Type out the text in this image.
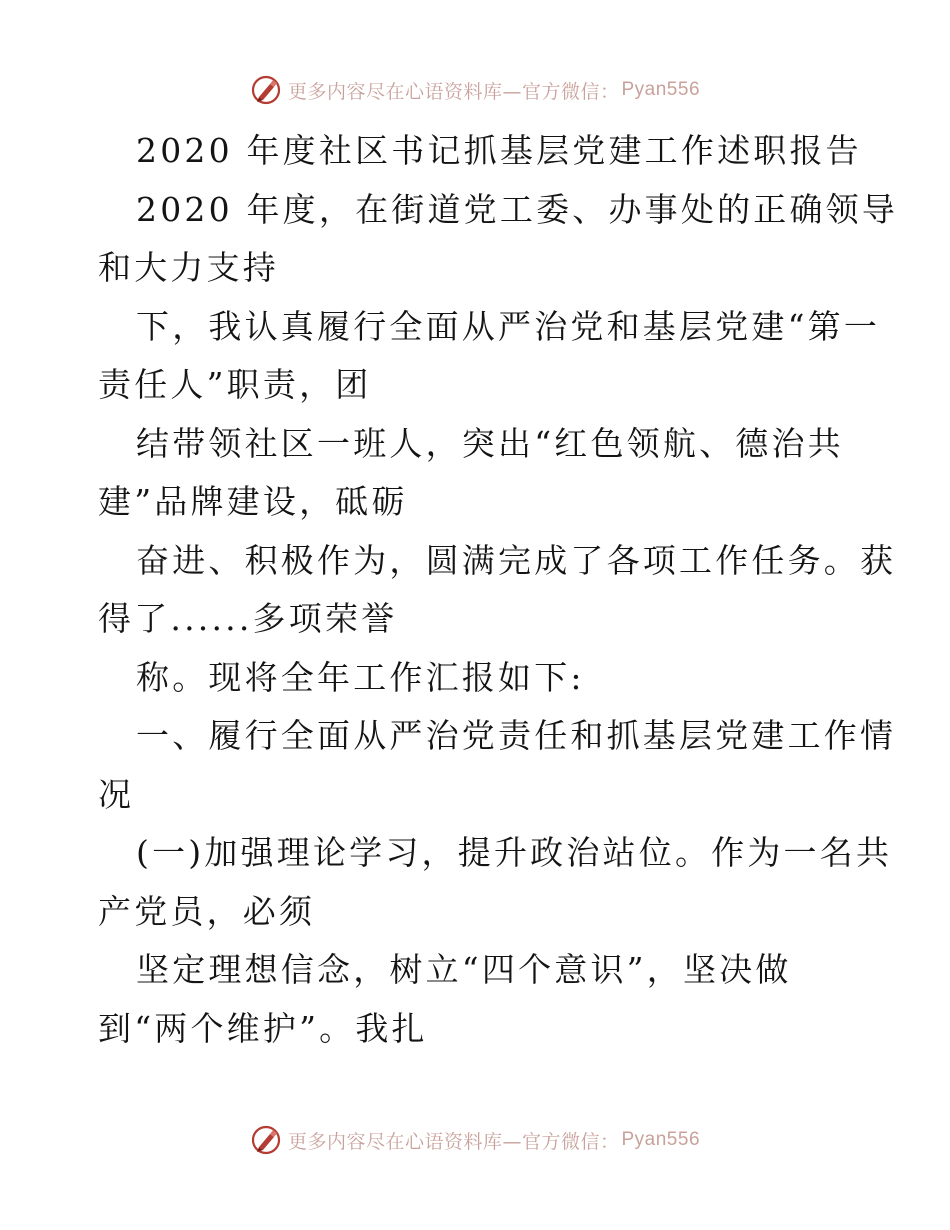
更多内容尽在心语资料库—官方微信： Pyan556
2020 年度社区书记抓基层党建工作述职报告
2020 年度，在街道党工委、办事处的正确领导
和大力支持
下，我认真履行全面从严治党和基层党建“第一
责任人”职责，团
结带领社区一班人，突出“红色领航、德治共
建”品牌建设，砥砺
奋进、积极作为，圆满完成了各项工作任务。获
得了......多项荣誉
称。现将全年工作汇报如下:
一、履行全面从严治党责任和抓基层党建工作情
况
(一)加强理论学习，提升政治站位。作为一名共
产党员，必须
坚定理想信念，树立“四个意识”，坚决做
到“两个维护”。我扎
更多内容尽在心语资料库—官方微信： Pyan556
